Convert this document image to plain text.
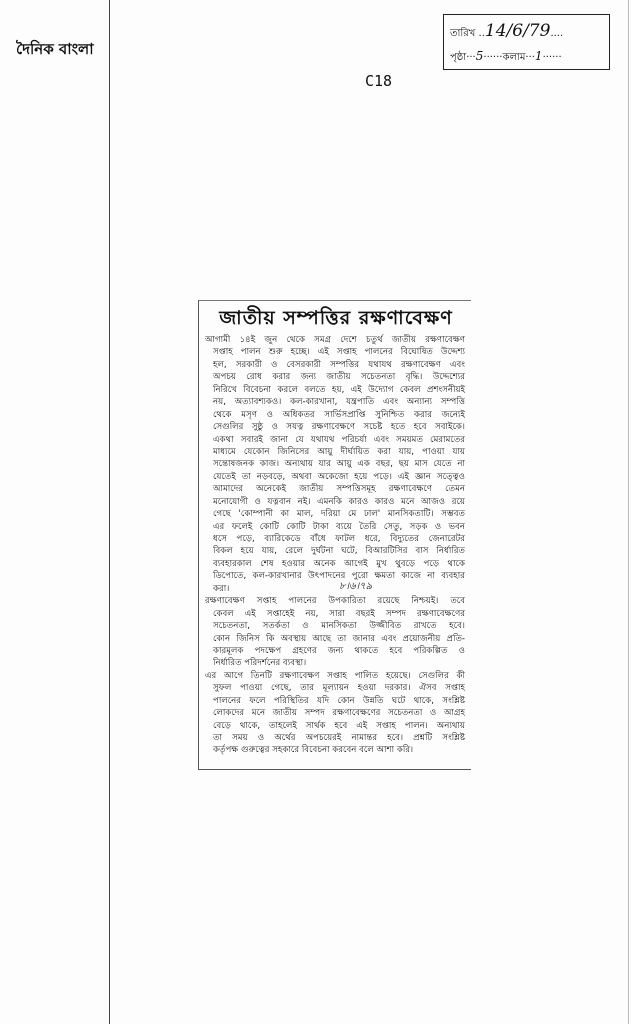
দৈনিক বাংলা
তারিখ ..14/6/79....
পৃষ্ঠা···5······কলাম···1······
C18
জাতীয় সম্পত্তির রক্ষণাবেক্ষণ
আগামী ১৪ই জুন থেকে সমগ্র দেশে চতুর্থ জাতীয় রক্ষণাবেক্ষণ
সপ্তাহ পালন শুরু হচ্ছে। এই সপ্তাহ পালনের বিঘোষিত উদ্দেশ্য
হল, সরকারী ও বেসরকারী সম্পত্তির যথাযথ রক্ষণাবেক্ষণ এবং
অপচয় রোধ করার জন্য জাতীয় সচেতনতা বৃদ্ধি। উদ্দেশ্যের
নিরিখে বিবেচনা করলে বলতে হয়, এই উদ্যোগ কেবল প্রশংসনীয়ই
নয়, অত্যাবশ্যকও। কল-কারখানা, যন্ত্রপাতি এবং অন্যান্য সম্পত্তি
থেকে মসৃণ ও অধিকতর সার্ভিসপ্রাপ্তি সুনিশ্চিত করার জন্যেই
সেগুলির সুষ্ঠু ও সযত্ন রক্ষণাবেক্ষণে সচেষ্ট হতে হবে সবাইকে।
একথা সবারই জানা যে যথাযথ পরিচর্যা এবং সময়মত মেরামতের
মাধ্যমে যেকোন জিনিসের আয়ু দীর্ঘায়িত করা যায়, পাওয়া যায়
সন্তোষজনক কাজ। অন্যথায় যার আয়ু এক বছর, ছয় মাস যেতে না
যেতেই তা নড়বড়ে, অথবা অকেজো হয়ে পড়ে। এই জ্ঞান সত্ত্বেও
আমাদের অনেকেই জাতীয় সম্পত্তিসমূহ রক্ষণাবেক্ষণে তেমন
মনোযোগী ও যত্নবান নই। এমনকি কারও কারও মনে আজও রয়ে
গেছে 'কোম্পানী কা মাল, দরিয়া মে ঢাল' মানসিকতাটি। সম্ভবত
এর ফলেই কোটি কোটি টাকা ব্যয়ে তৈরি সেতু, সড়ক ও ভবন
ধসে পড়ে, ব্যারিকেডে বাঁধে ফাটল ধরে, বিদ্যুতের জেনারেটর
বিকল হয়ে যায়, রেলে দুর্ঘটনা ঘটে, বিআরটিসির বাস নির্ধারিত
ব্যবহারকাল শেষ হওয়ার অনেক আগেই মুখ থুবড়ে পড়ে থাকে
ডিপোতে, কল-কারখানার উৎপাদনের পুরো ক্ষমতা কাজে না ব্যবহার
করা।
রক্ষণাবেক্ষণ সপ্তাহ পালনের উপকারিতা রয়েছে নিশ্চয়ই। তবে
কেবল এই সপ্তাহেই নয়, সারা বছরই সম্পদ রক্ষণাবেক্ষণের
সচেতনতা, সতর্কতা ও মানসিকতা উজ্জীবিত রাখতে হবে।
কোন জিনিস কি অবস্থায় আছে তা জানার এবং প্রয়োজনীয় প্রতি-
কারমূলক পদক্ষেপ গ্রহণের জন্য থাকতে হবে পরিকল্পিত ও
নির্ধারিত পরিদর্শনের ব্যবস্থা।
এর আগে তিনটি রক্ষণাবেক্ষণ সপ্তাহ পালিত হয়েছে। সেগুলির কী
সুফল পাওয়া গেছে, তার মূল্যায়ন হওয়া দরকার। ঐসব সপ্তাহ
পালনের ফলে পরিস্থিতির যদি কোন উন্নতি ঘটে থাকে, সংশ্লিষ্ট
লোকদের মনে জাতীয় সম্পদ রক্ষণাবেক্ষণের সচেতনতা ও আগ্রহ
বেড়ে থাকে, তাহলেই সার্থক হবে এই সপ্তাহ পালন। অন্যথায়
তা সময় ও অর্থের অপচয়েরই নামান্তর হবে। প্রশ্নটি সংশ্লিষ্ট
কর্তৃপক্ষ গুরুত্বের সহকারে বিবেচনা করবেন বলে আশা করি।
৮।৬।৭৯
